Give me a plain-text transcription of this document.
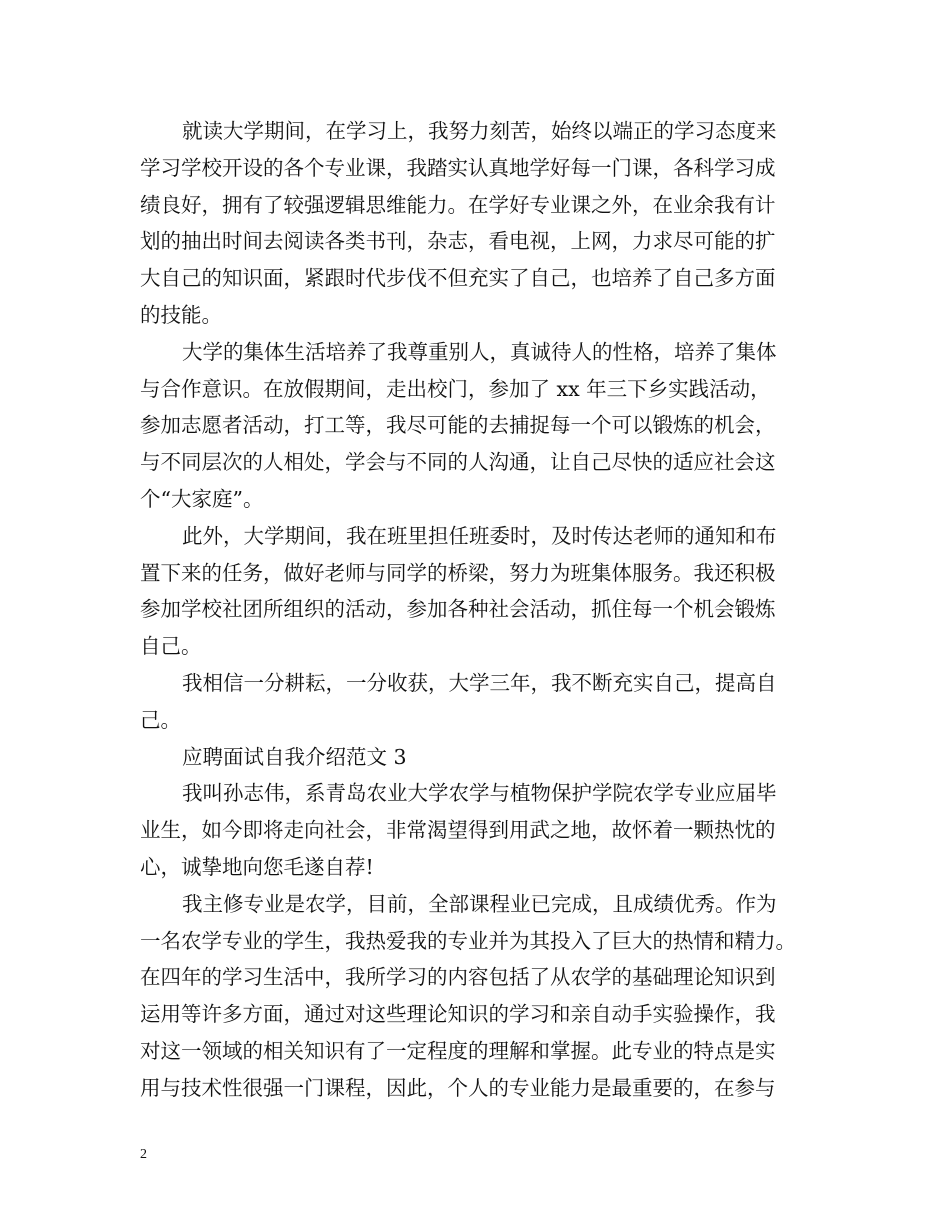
就读大学期间，在学习上，我努力刻苦，始终以端正的学习态度来
学习学校开设的各个专业课，我踏实认真地学好每一门课，各科学习成
绩良好，拥有了较强逻辑思维能力。在学好专业课之外，在业余我有计
划的抽出时间去阅读各类书刊，杂志，看电视，上网，力求尽可能的扩
大自己的知识面，紧跟时代步伐不但充实了自己，也培养了自己多方面
的技能。
大学的集体生活培养了我尊重别人，真诚待人的性格，培养了集体
与合作意识。在放假期间，走出校门，参加了 xx 年三下乡实践活动，
参加志愿者活动，打工等，我尽可能的去捕捉每一个可以锻炼的机会，
与不同层次的人相处，学会与不同的人沟通，让自己尽快的适应社会这
个“大家庭”。
此外，大学期间，我在班里担任班委时，及时传达老师的通知和布
置下来的任务，做好老师与同学的桥梁，努力为班集体服务。我还积极
参加学校社团所组织的活动，参加各种社会活动，抓住每一个机会锻炼
自己。
我相信一分耕耘，一分收获，大学三年，我不断充实自己，提高自
己。
应聘面试自我介绍范文 3
我叫孙志伟，系青岛农业大学农学与植物保护学院农学专业应届毕
业生，如今即将走向社会，非常渴望得到用武之地，故怀着一颗热忱的
心，诚挚地向您毛遂自荐!
我主修专业是农学，目前，全部课程业已完成，且成绩优秀。作为
一名农学专业的学生，我热爱我的专业并为其投入了巨大的热情和精力。
在四年的学习生活中，我所学习的内容包括了从农学的基础理论知识到
运用等许多方面，通过对这些理论知识的学习和亲自动手实验操作，我
对这一领域的相关知识有了一定程度的理解和掌握。此专业的特点是实
用与技术性很强一门课程，因此，个人的专业能力是最重要的，在参与
2
